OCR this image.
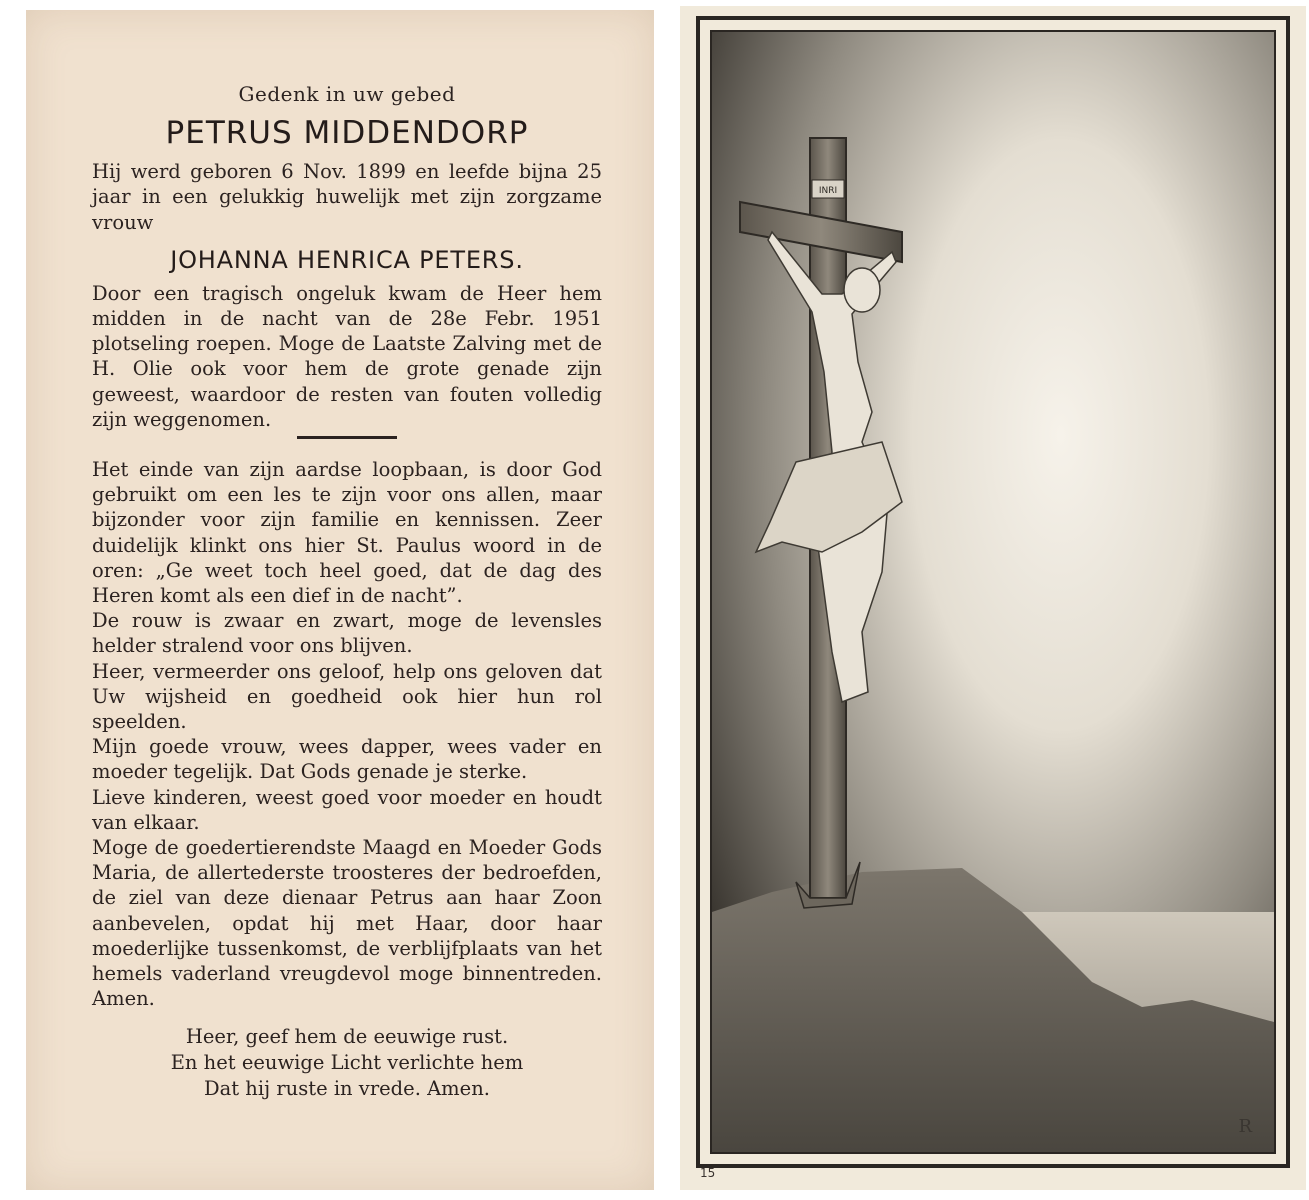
Gedenk in uw gebed
PETRUS MIDDENDORP

Hij werd geboren 6 Nov. 1899 en leefde bijna 25 jaar in een gelukkig huwelijk met zijn zorgzame vrouw

JOHANNA HENRICA PETERS.

Door een tragisch ongeluk kwam de Heer hem midden in de nacht van de 28e Febr. 1951 plotseling roepen. Moge de Laatste Zalving met de H. Olie ook voor hem de grote genade zijn geweest, waardoor de resten van fouten volledig zijn weggenomen.

Het einde van zijn aardse loopbaan, is door God gebruikt om een les te zijn voor ons allen, maar bijzonder voor zijn familie en kennissen. Zeer duidelijk klinkt ons hier St. Paulus woord in de oren: „Ge weet toch heel goed, dat de dag des Heren komt als een dief in de nacht”.

De rouw is zwaar en zwart, moge de levensles helder stralend voor ons blijven.

Heer, vermeerder ons geloof, help ons geloven dat Uw wijsheid en goedheid ook hier hun rol speelden.

Mijn goede vrouw, wees dapper, wees vader en moeder tegelijk. Dat Gods genade je sterke.

Lieve kinderen, weest goed voor moeder en houdt van elkaar.

Moge de goedertierendste Maagd en Moeder Gods Maria, de allertederste troosteres der bedroefden, de ziel van deze dienaar Petrus aan haar Zoon aanbevelen, opdat hij met Haar, door haar moederlijke tussenkomst, de verblijfplaats van het hemels vaderland vreugdevol moge binnentreden. Amen.

Heer, geef hem de eeuwige rust.
En het eeuwige Licht verlichte hem
Dat hij ruste in vrede. Amen.
INRI
R
15
